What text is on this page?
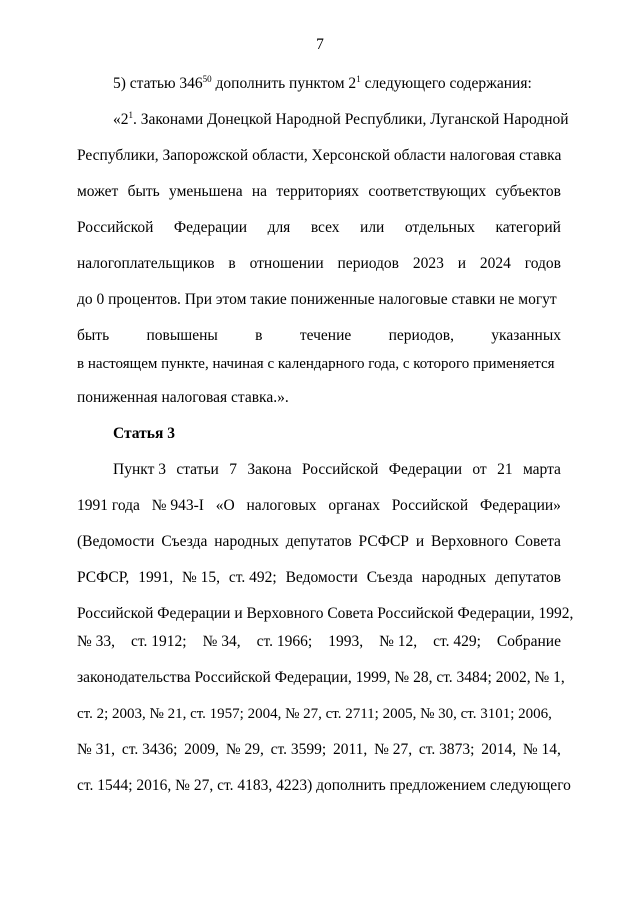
7
5) статью $346^{50}$ дополнить пунктом $2^1$ следующего содержания:
«$2^1$. Законами Донецкой Народной Республики, Луганской Народной
Республики, Запорожской области, Херсонской области налоговая ставка
может быть уменьшена на территориях соответствующих субъектов
Российской Федерации для всех или отдельных категорий
налогоплательщиков в отношении периодов 2023 и 2024 годов
до 0 процентов. При этом такие пониженные налоговые ставки не могут
быть повышены в течение периодов, указанных
в настоящем пункте, начиная с календарного года, с которого применяется
пониженная налоговая ставка.».
Статья 3
Пункт 3 статьи 7 Закона Российской Федерации от 21 марта
1991 года № 943-I «О налоговых органах Российской Федерации»
(Ведомости Съезда народных депутатов РСФСР и Верховного Совета
РСФСР, 1991, № 15, ст. 492; Ведомости Съезда народных депутатов
Российской Федерации и Верховного Совета Российской Федерации, 1992,
№ 33, ст. 1912; № 34, ст. 1966; 1993, № 12, ст. 429; Собрание
законодательства Российской Федерации, 1999, № 28, ст. 3484; 2002, № 1,
ст. 2; 2003, № 21, ст. 1957; 2004, № 27, ст. 2711; 2005, № 30, ст. 3101; 2006,
№ 31, ст. 3436; 2009, № 29, ст. 3599; 2011, № 27, ст. 3873; 2014, № 14,
ст. 1544; 2016, № 27, ст. 4183, 4223) дополнить предложением следующего
